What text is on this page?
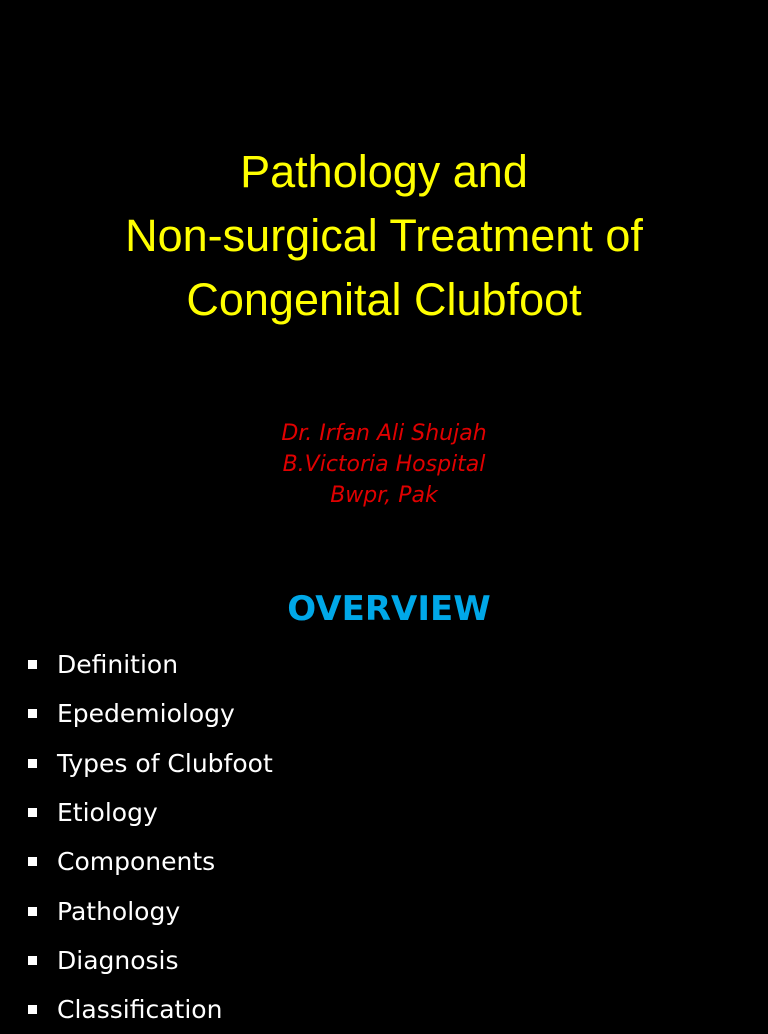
Pathology and
Non-surgical Treatment of
Congenital Clubfoot
Dr. Irfan Ali Shujah
B.Victoria Hospital
Bwpr, Pak
OVERVIEW
Definition
Epedemiology
Types of Clubfoot
Etiology
Components
Pathology
Diagnosis
Classification
